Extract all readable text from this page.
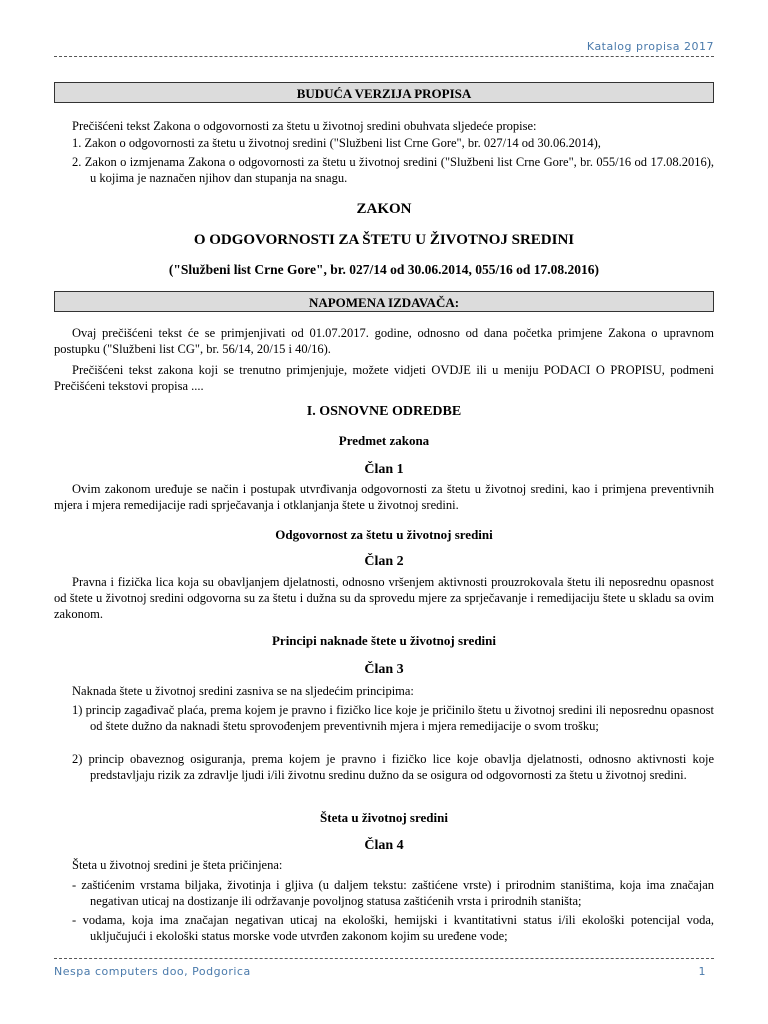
Katalog propisa 2017
BUDUĆA VERZIJA PROPISA

Prečišćeni tekst Zakona o odgovornosti za štetu u životnoj sredini obuhvata sljedeće propise:

1. Zakon o odgovornosti za štetu u životnoj sredini ("Službeni list Crne Gore", br. 027/14 od 30.06.2014),

2. Zakon o izmjenama Zakona o odgovornosti za štetu u životnoj sredini ("Službeni list Crne Gore", br. 055/16 od 17.08.2016), u kojima je naznačen njihov dan stupanja na snagu.

ZAKON

O ODGOVORNOSTI ZA ŠTETU U ŽIVOTNOJ SREDINI

("Službeni list Crne Gore", br. 027/14 od 30.06.2014, 055/16 od 17.08.2016)

NAPOMENA IZDAVAČA:

Ovaj prečišćeni tekst će se primjenjivati od 01.07.2017. godine, odnosno od dana početka primjene Zakona o upravnom postupku ("Službeni list CG", br. 56/14, 20/15 i 40/16).

Prečišćeni tekst zakona koji se trenutno primjenjuje, možete vidjeti OVDJE ili u meniju PODACI O PROPISU, podmeni Prečišćeni tekstovi propisa ....

I. OSNOVNE ODREDBE

Predmet zakona

Član 1

Ovim zakonom uređuje se način i postupak utvrđivanja odgovornosti za štetu u životnoj sredini, kao i primjena preventivnih mjera i mjera remedijacije radi sprječavanja i otklanjanja štete u životnoj sredini.

Odgovornost za štetu u životnoj sredini

Član 2

Pravna i fizička lica koja su obavljanjem djelatnosti, odnosno vršenjem aktivnosti prouzrokovala štetu ili neposrednu opasnost od štete u životnoj sredini odgovorna su za štetu i dužna su da sprovedu mjere za sprječavanje i remedijaciju štete u skladu sa ovim zakonom.

Principi naknade štete u životnoj sredini

Član 3

Naknada štete u životnoj sredini zasniva se na sljedećim principima:

1) princip zagađivač plaća, prema kojem je pravno i fizičko lice koje je pričinilo štetu u životnoj sredini ili neposrednu opasnost od štete dužno da naknadi štetu sprovođenjem preventivnih mjera i mjera remedijacije o svom trošku;

2) princip obaveznog osiguranja, prema kojem je pravno i fizičko lice koje obavlja djelatnosti, odnosno aktivnosti koje predstavljaju rizik za zdravlje ljudi i/ili životnu sredinu dužno da se osigura od odgovornosti za štetu u životnoj sredini.

Šteta u životnoj sredini

Član 4

Šteta u životnoj sredini je šteta pričinjena:

- zaštićenim vrstama biljaka, životinja i gljiva (u daljem tekstu: zaštićene vrste) i prirodnim staništima, koja ima značajan negativan uticaj na dostizanje ili održavanje povoljnog statusa zaštićenih vrsta i prirodnih staništa;

- vodama, koja ima značajan negativan uticaj na ekološki, hemijski i kvantitativni status i/ili ekološki potencijal voda, uključujući i ekološki status morske vode utvrđen zakonom kojim su uređene vode;

Nespa computers doo, Podgorica	1
